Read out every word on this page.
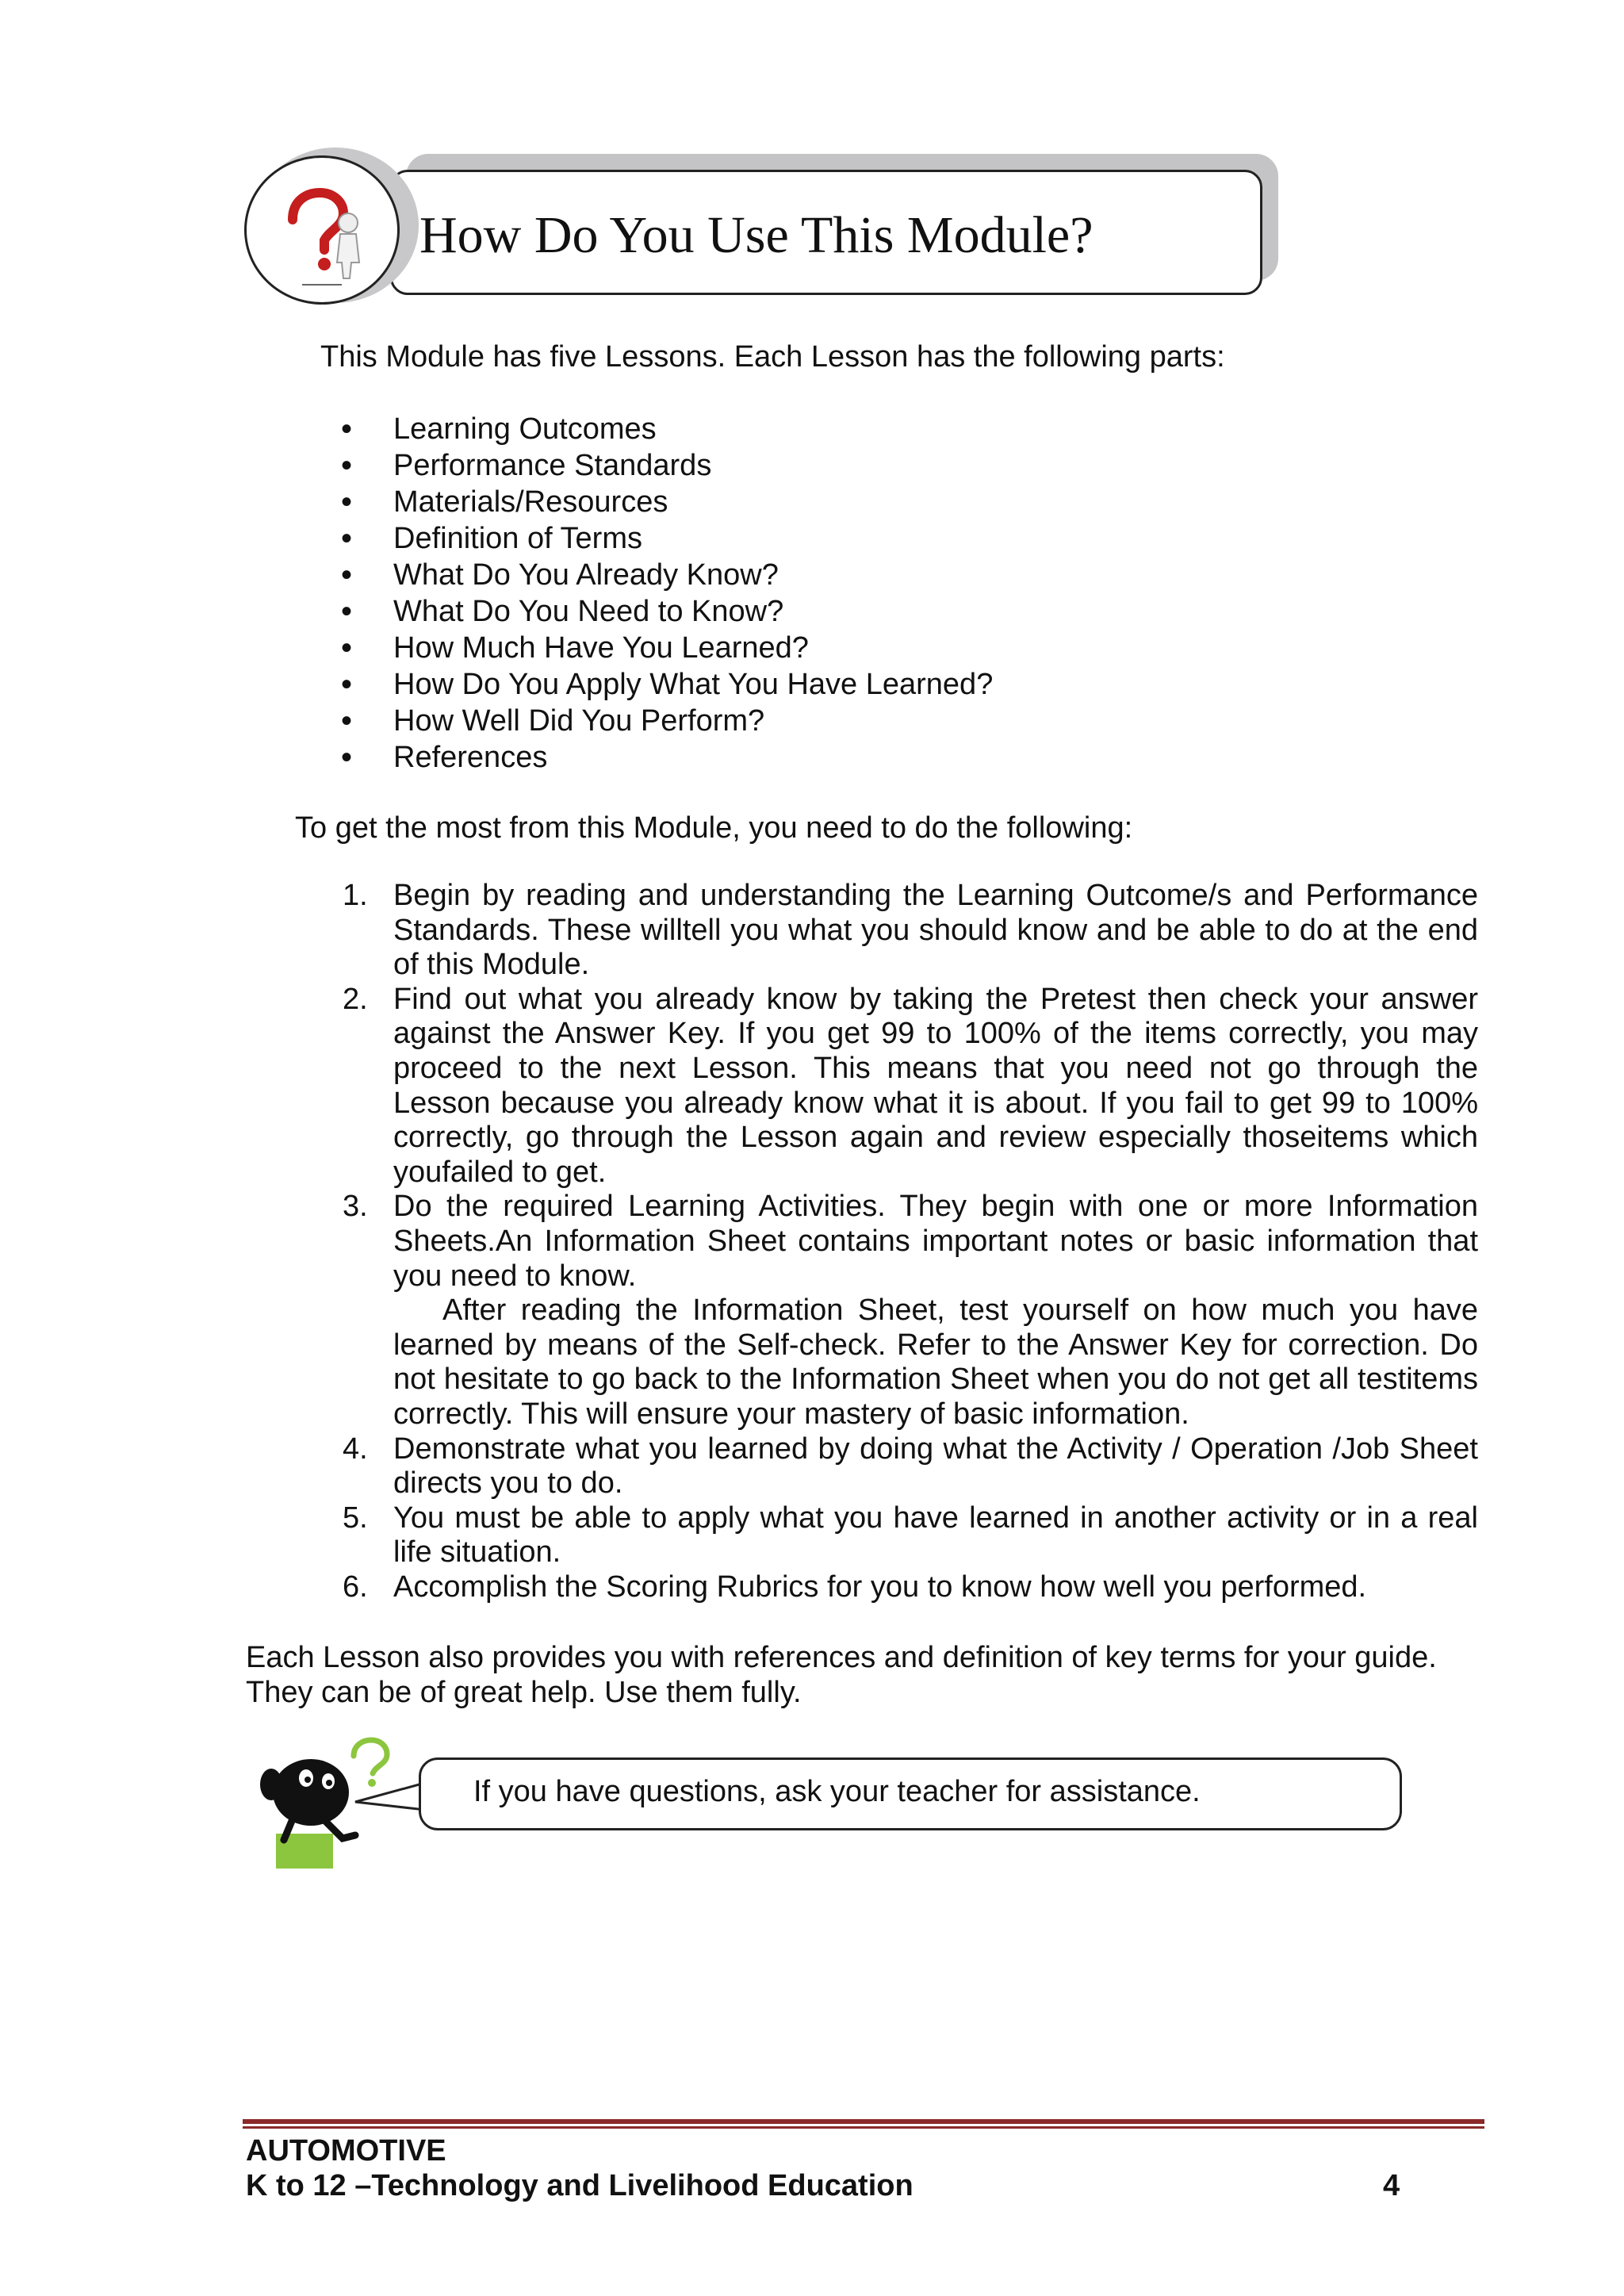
How Do You Use This Module?
This Module has five Lessons. Each Lesson has the following parts:
• Learning Outcomes
• Performance Standards
• Materials/Resources
• Definition of Terms
• What Do You Already Know?
• What Do You Need to Know?
• How Much Have You Learned?
• How Do You Apply What You Have Learned?
• How Well Did You Perform?
• References
To get the most from this Module, you need to do the following:
1. Begin by reading and understanding the Learning Outcome/s and Performance Standards. These willtell you what you should know and be able to do at the end of this Module.
2. Find out what you already know by taking the Pretest then check your answer against the Answer Key. If you get 99 to 100% of the items correctly, you may proceed to the next Lesson. This means that you need not go through the Lesson because you already know what it is about. If you fail to get 99 to 100% correctly, go through the Lesson again and review especially thoseitems which youfailed to get.
3. Do the required Learning Activities. They begin with one or more Information Sheets.An Information Sheet contains important notes or basic information that you need to know.
After reading the Information Sheet, test yourself on how much you have learned by means of the Self-check. Refer to the Answer Key for correction. Do not hesitate to go back to the Information Sheet when you do not get all testitems correctly. This will ensure your mastery of basic information.
4. Demonstrate what you learned by doing what the Activity / Operation /Job Sheet directs you to do.
5. You must be able to apply what you have learned in another activity or in a real life situation.
6. Accomplish the Scoring Rubrics for you to know how well you performed.

Each Lesson also provides you with references and definition of key terms for your guide.

They can be of great help. Use them fully.

If you have questions, ask your teacher for assistance.
AUTOMOTIVE
K to 12 –Technology and Livelihood Education	4
